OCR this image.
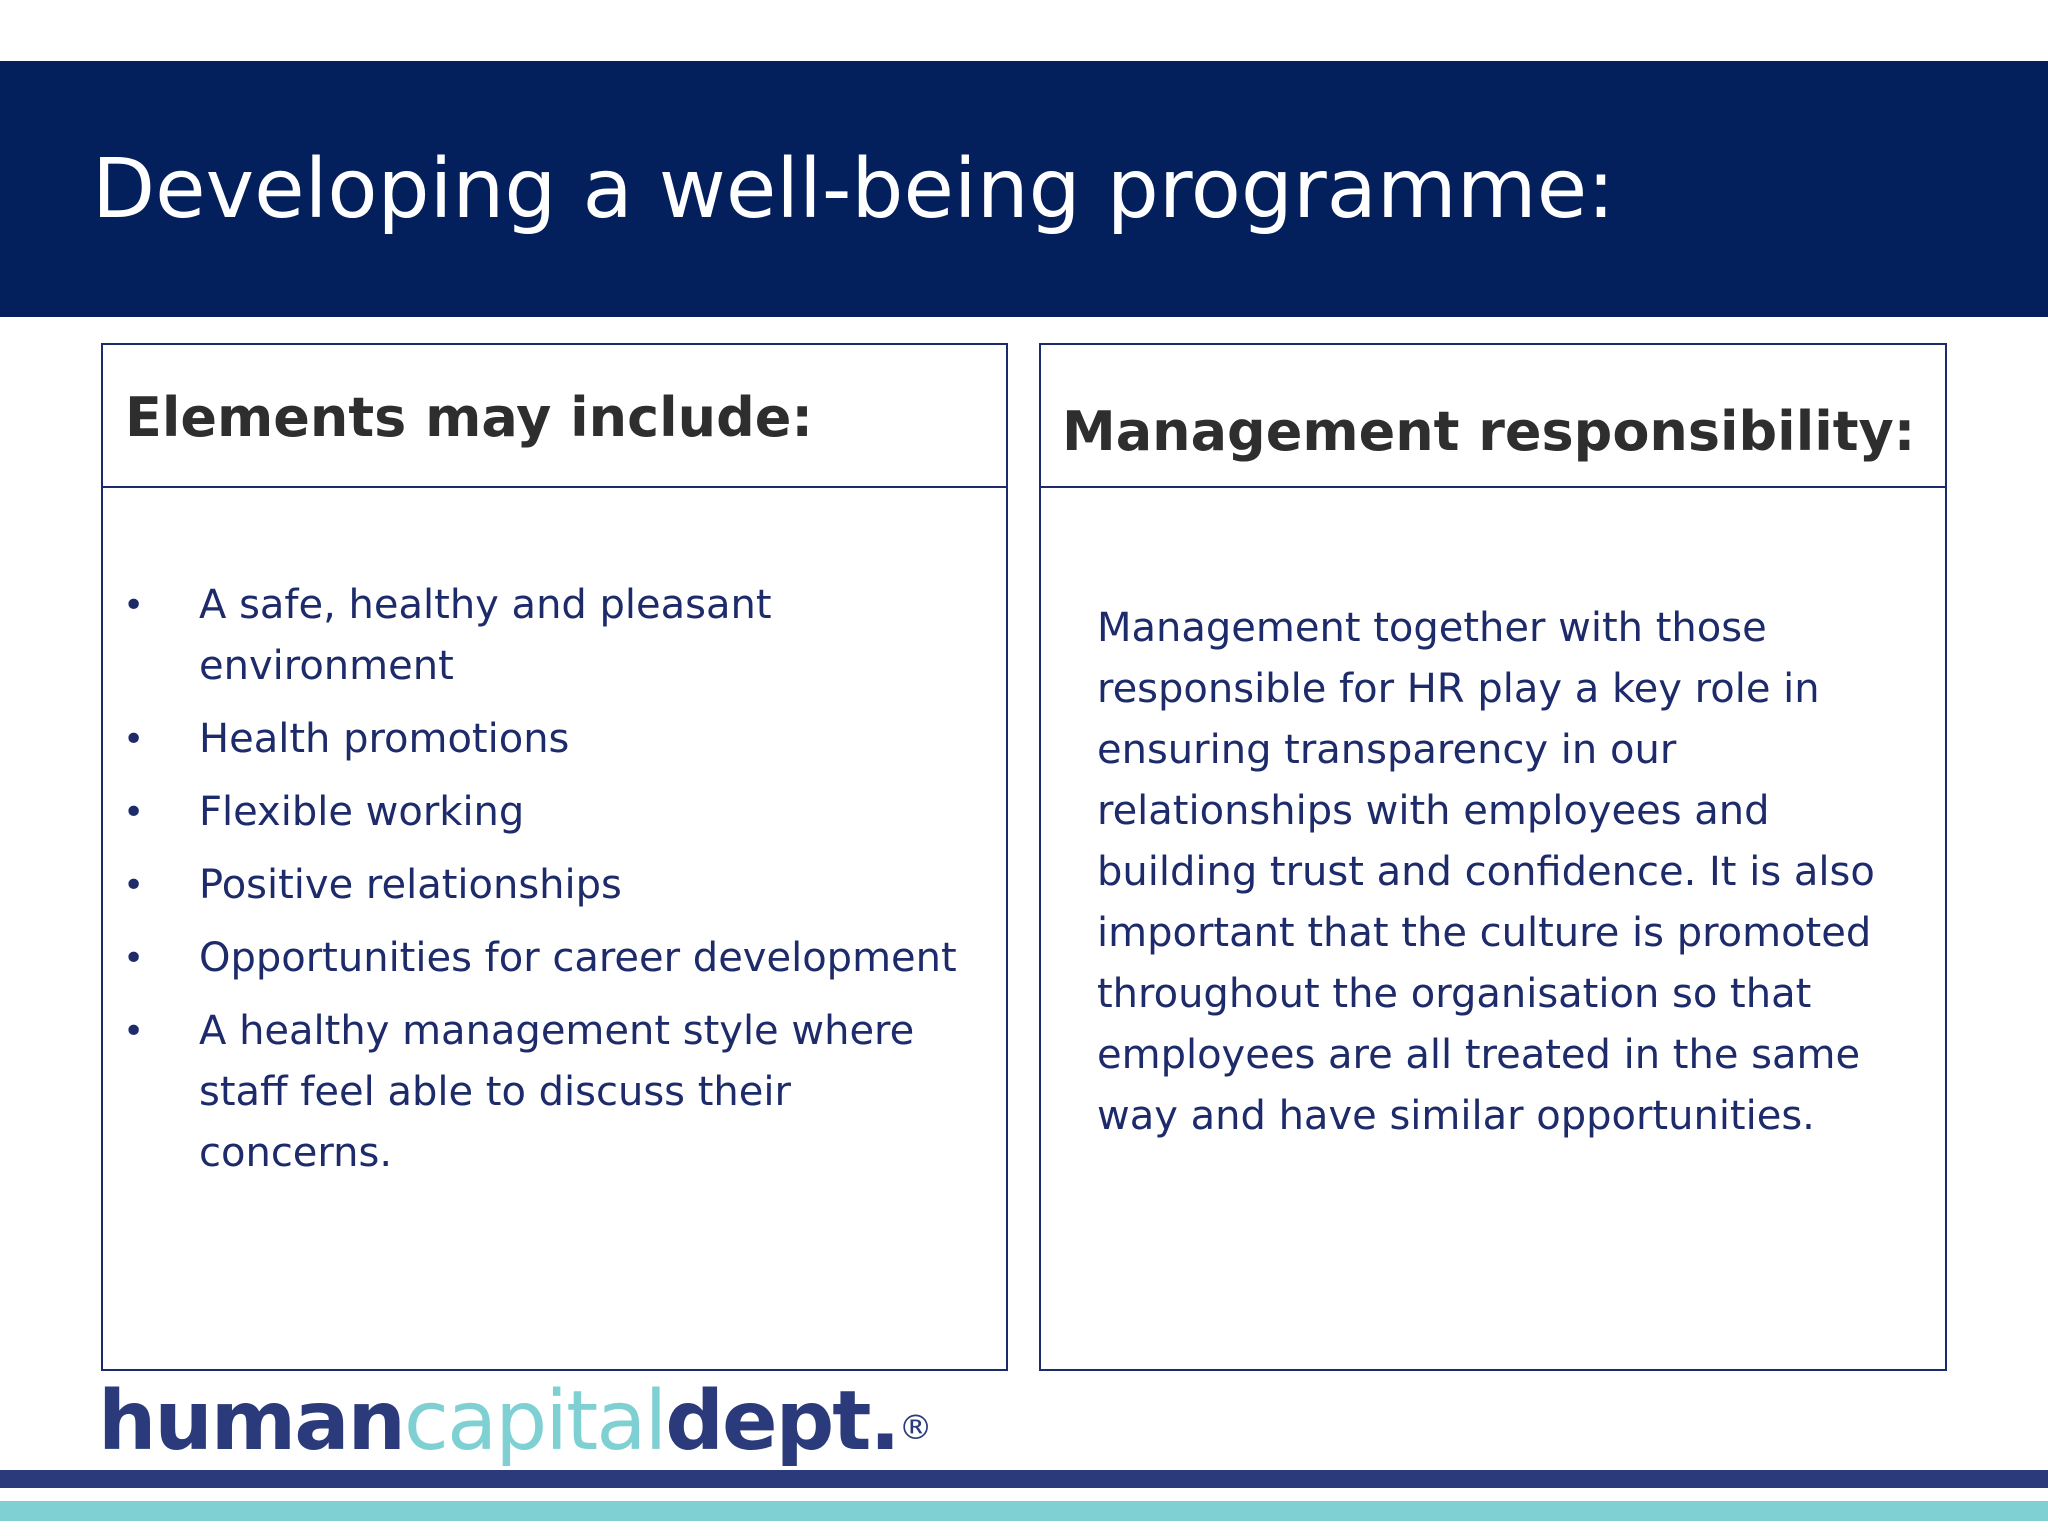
Developing a well-being programme:
Elements may include:
• A safe, healthy and pleasant environment
• Health promotions
• Flexible working
• Positive relationships
• Opportunities for career development
• A healthy management style where staff feel able to discuss their concerns.
Management responsibility:

Management together with those responsible for HR play a key role in ensuring transparency in our relationships with employees and building trust and confidence. It is also important that the culture is promoted throughout the organisation so that employees are all treated in the same way and have similar opportunities.

humancapitaldept.®
